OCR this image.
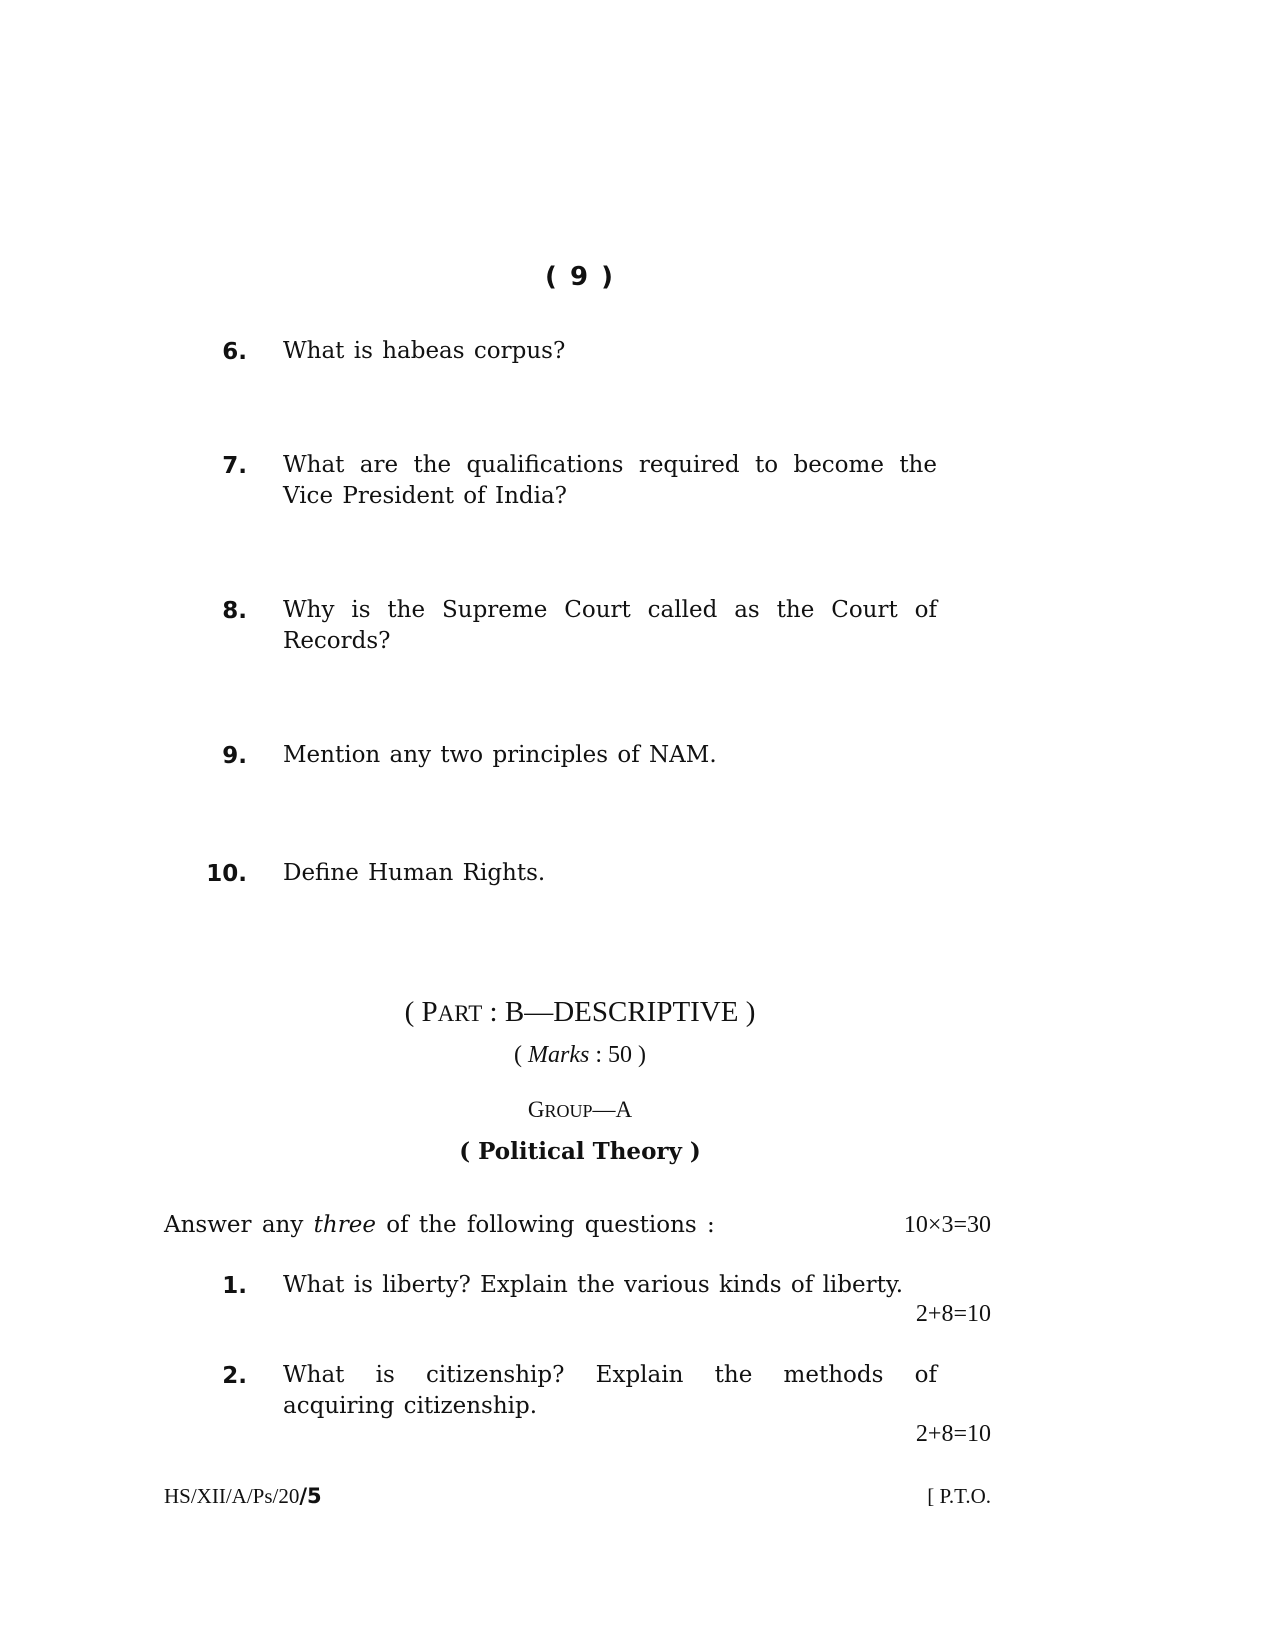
( 9 )
6. What is habeas corpus?
7. What are the qualifications required to become the
Vice President of India?
8. Why is the Supreme Court called as the Court of
Records?
9. Mention any two principles of NAM.
10. Define Human Rights.
( PART : B—DESCRIPTIVE )
( Marks : 50 )
GROUP—A
( Political Theory )
Answer any three of the following questions :	10×3=30
1. What is liberty? Explain the various kinds of liberty.
2+8=10
2. What is citizenship? Explain the methods of
acquiring citizenship.
2+8=10
HS/XII/A/Ps/20/5	[ P.T.O.
